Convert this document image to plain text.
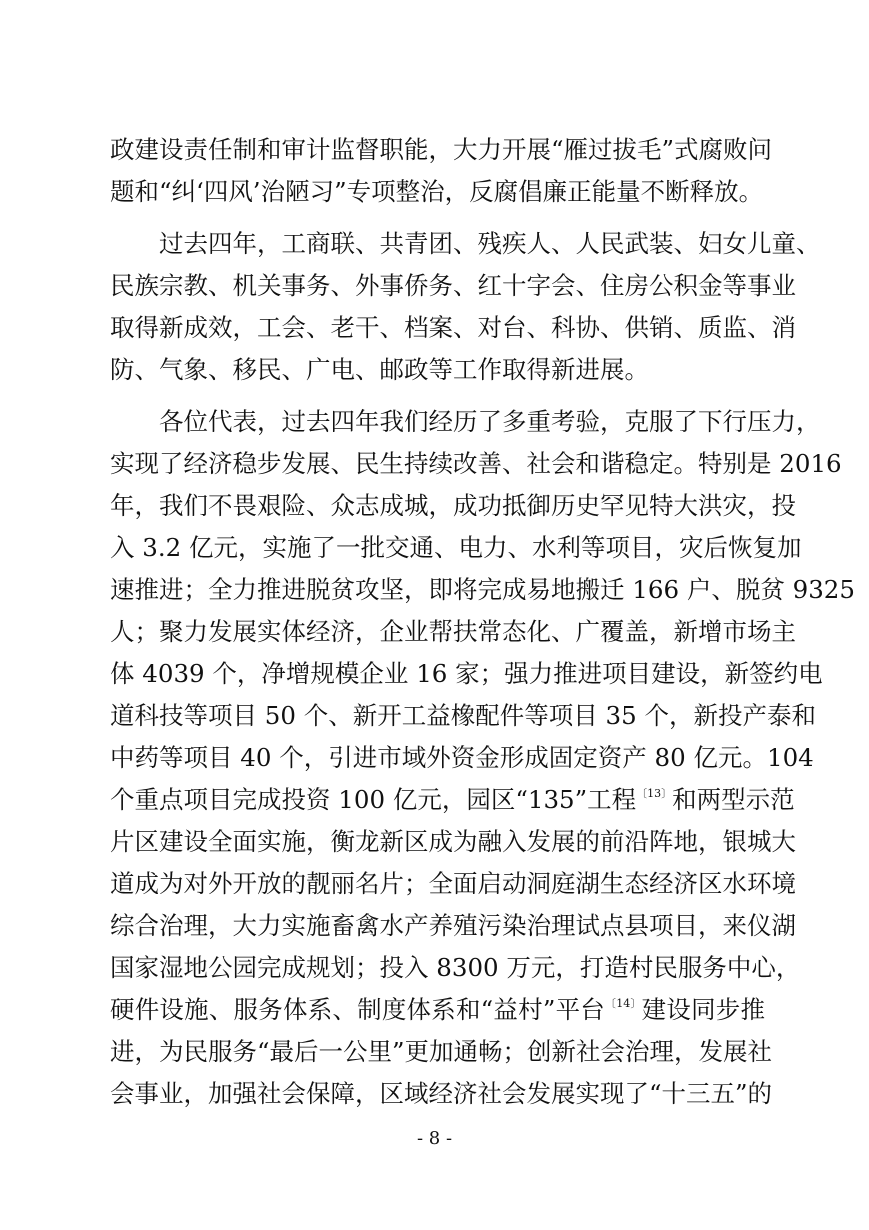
政建设责任制和审计监督职能，大力开展“雁过拔毛”式腐败问
题和“纠‘四风’治陋习”专项整治，反腐倡廉正能量不断释放。
过去四年，工商联、共青团、残疾人、人民武装、妇女儿童、
民族宗教、机关事务、外事侨务、红十字会、住房公积金等事业
取得新成效，工会、老干、档案、对台、科协、供销、质监、消
防、气象、移民、广电、邮政等工作取得新进展。
各位代表，过去四年我们经历了多重考验，克服了下行压力，
实现了经济稳步发展、民生持续改善、社会和谐稳定。特别是 2016
年，我们不畏艰险、众志成城，成功抵御历史罕见特大洪灾，投
入 3.2 亿元，实施了一批交通、电力、水利等项目，灾后恢复加
速推进；全力推进脱贫攻坚，即将完成易地搬迁 166 户、脱贫 9325
人；聚力发展实体经济，企业帮扶常态化、广覆盖，新增市场主
体 4039 个，净增规模企业 16 家；强力推进项目建设，新签约电
道科技等项目 50 个、新开工益橡配件等项目 35 个，新投产泰和
中药等项目 40 个，引进市域外资金形成固定资产 80 亿元。104
个重点项目完成投资 100 亿元，园区“135”工程$^{〔13〕}$和两型示范
片区建设全面实施，衡龙新区成为融入发展的前沿阵地，银城大
道成为对外开放的靓丽名片；全面启动洞庭湖生态经济区水环境
综合治理，大力实施畜禽水产养殖污染治理试点县项目，来仪湖
国家湿地公园完成规划；投入 8300 万元，打造村民服务中心，
硬件设施、服务体系、制度体系和“益村”平台$^{〔14〕}$建设同步推
进，为民服务“最后一公里”更加通畅；创新社会治理，发展社
会事业，加强社会保障，区域经济社会发展实现了“十三五”的
- 8 -
